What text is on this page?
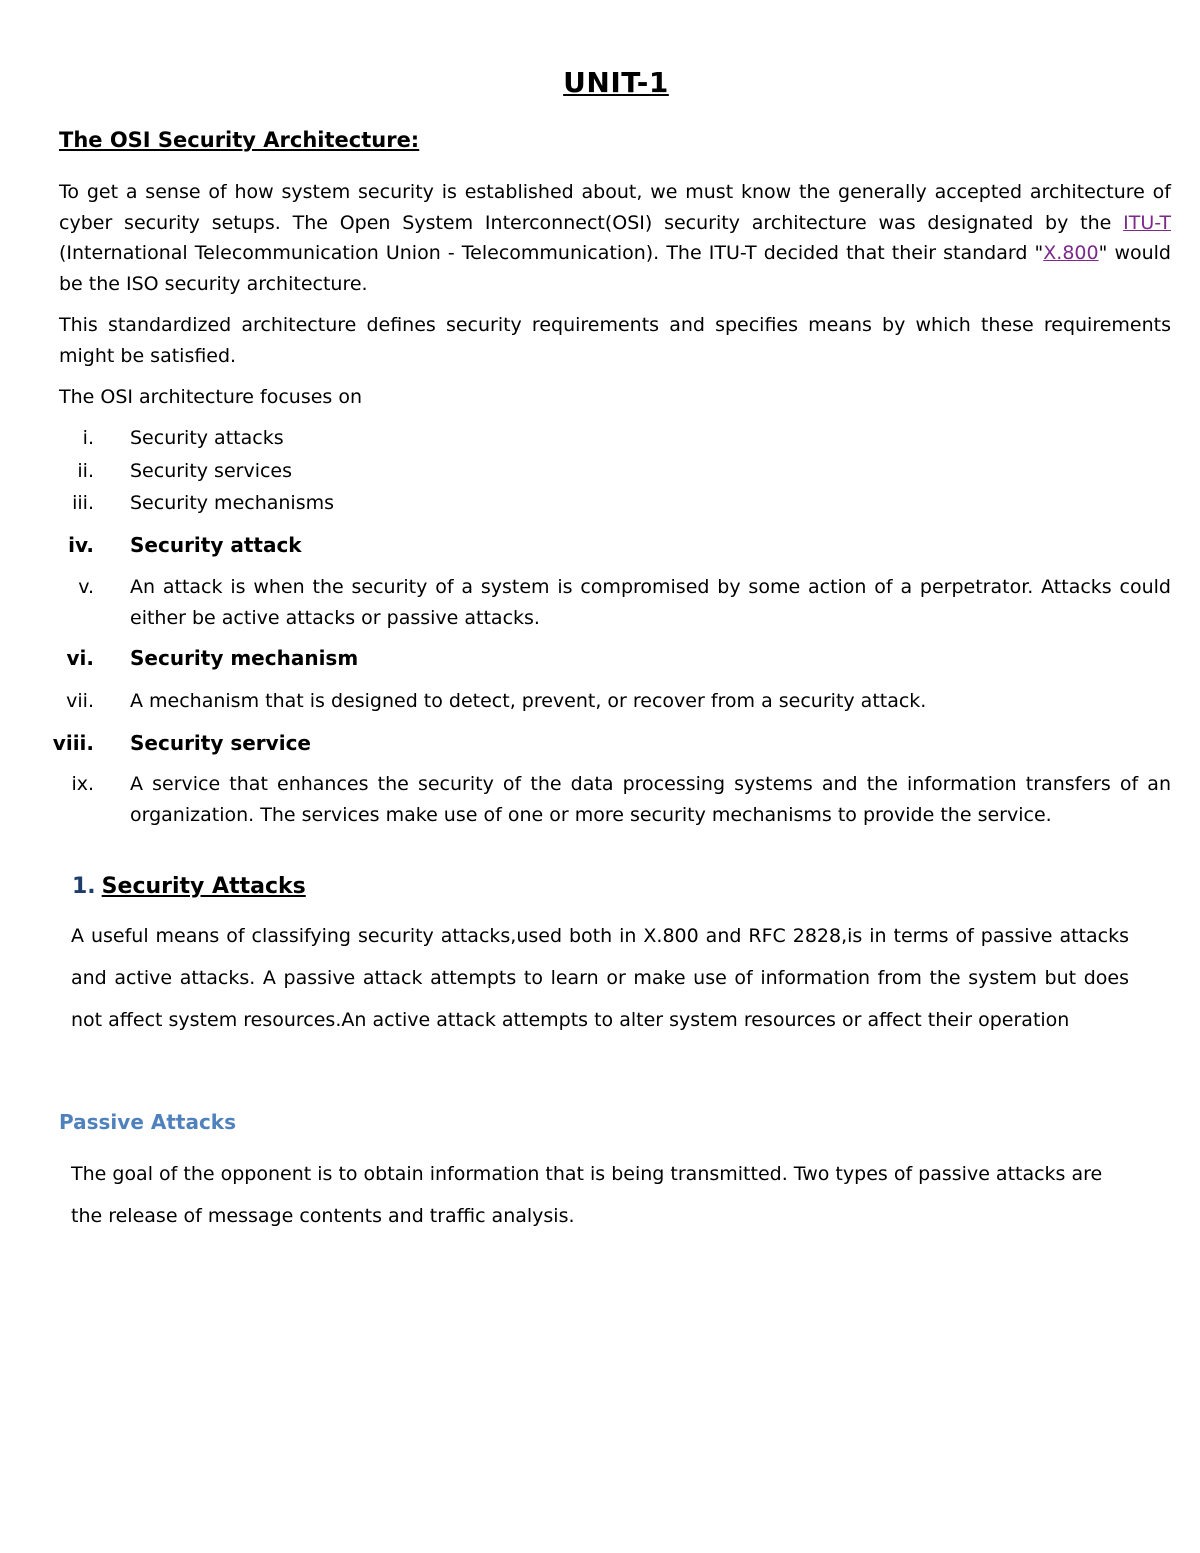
UNIT-1
The OSI Security Architecture:
To get a sense of how system security is established about, we must know the generally accepted architecture of cyber security setups. The Open System Interconnect(OSI) security architecture was designated by the ITU-T (International Telecommunication Union - Telecommunication). The ITU-T decided that their standard "X.800" would be the ISO security architecture.
This standardized architecture defines security requirements and specifies means by which these requirements might be satisfied.
The OSI architecture focuses on
i. Security attacks
ii. Security services
iii. Security mechanisms
iv. Security attack
v. An attack is when the security of a system is compromised by some action of a perpetrator. Attacks could either be active attacks or passive attacks.
vi. Security mechanism
vii. A mechanism that is designed to detect, prevent, or recover from a security attack.
viii. Security service
ix. A service that enhances the security of the data processing systems and the information transfers of an organization. The services make use of one or more security mechanisms to provide the service.
1. Security Attacks
A useful means of classifying security attacks,used both in X.800 and RFC 2828,is in terms of passive attacks and active attacks. A passive attack attempts to learn or make use of information from the system but does not affect system resources.An active attack attempts to alter system resources or affect their operation
Passive Attacks
The goal of the opponent is to obtain information that is being transmitted. Two types of passive attacks are the release of message contents and traffic analysis.
